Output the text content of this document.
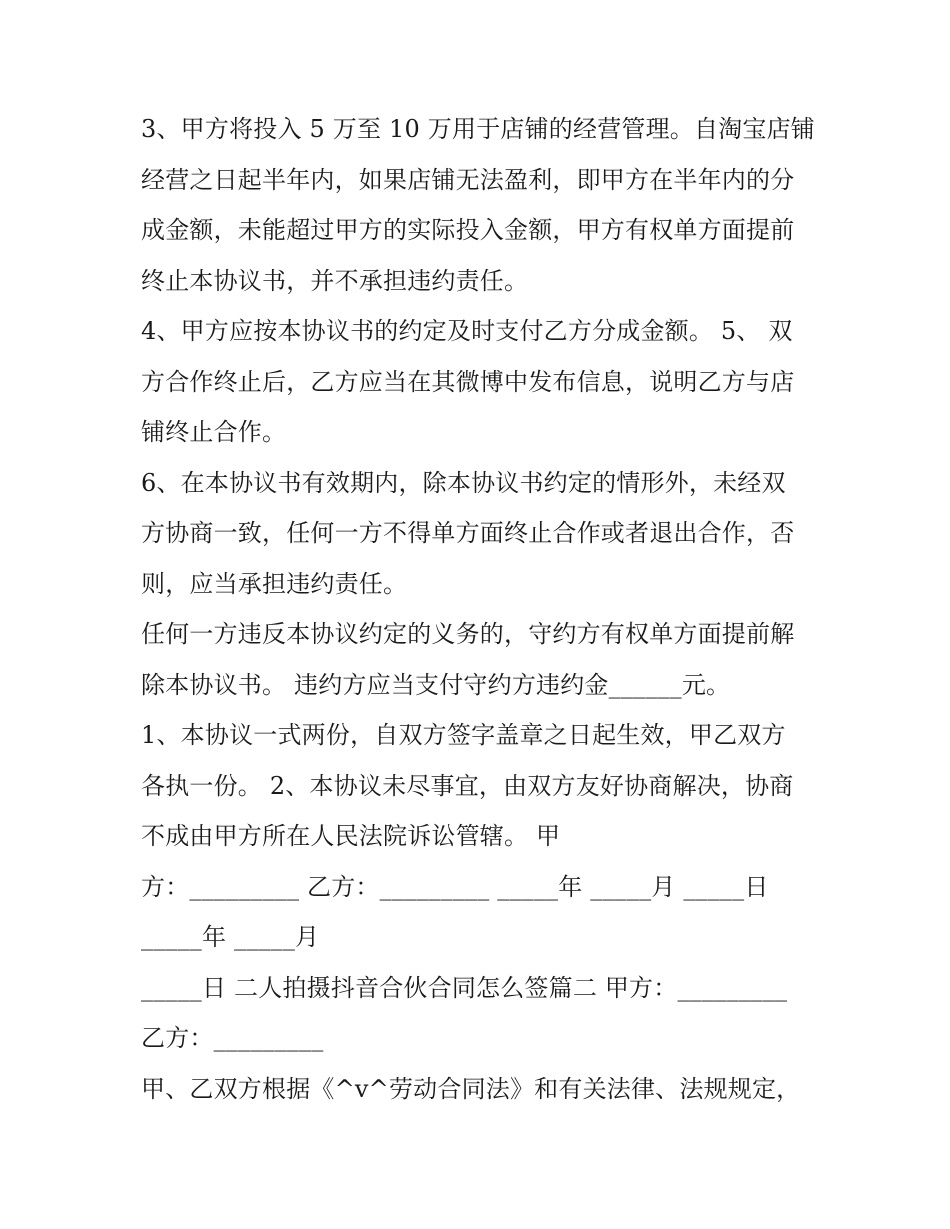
3、甲方将投入 5 万至 10 万用于店铺的经营管理。自淘宝店铺
经营之日起半年内，如果店铺无法盈利，即甲方在半年内的分
成金额，未能超过甲方的实际投入金额，甲方有权单方面提前
终止本协议书，并不承担违约责任。
4、甲方应按本协议书的约定及时支付乙方分成金额。 5、 双
方合作终止后，乙方应当在其微博中发布信息，说明乙方与店
铺终止合作。
6、在本协议书有效期内，除本协议书约定的情形外，未经双
方协商一致，任何一方不得单方面终止合作或者退出合作，否
则，应当承担违约责任。
任何一方违反本协议约定的义务的，守约方有权单方面提前解
除本协议书。 违约方应当支付守约方违约金______元。
1、本协议一式两份，自双方签字盖章之日起生效，甲乙双方
各执一份。 2、本协议未尽事宜，由双方友好协商解决，协商
不成由甲方所在人民法院诉讼管辖。 甲
方：_________ 乙方：_________ _____年 _____月 _____日
_____年 _____月
_____日 二人拍摄抖音合伙合同怎么签篇二 甲方：_________
乙方：_________
甲、乙双方根据《^v^劳动合同法》和有关法律、法规规定，
